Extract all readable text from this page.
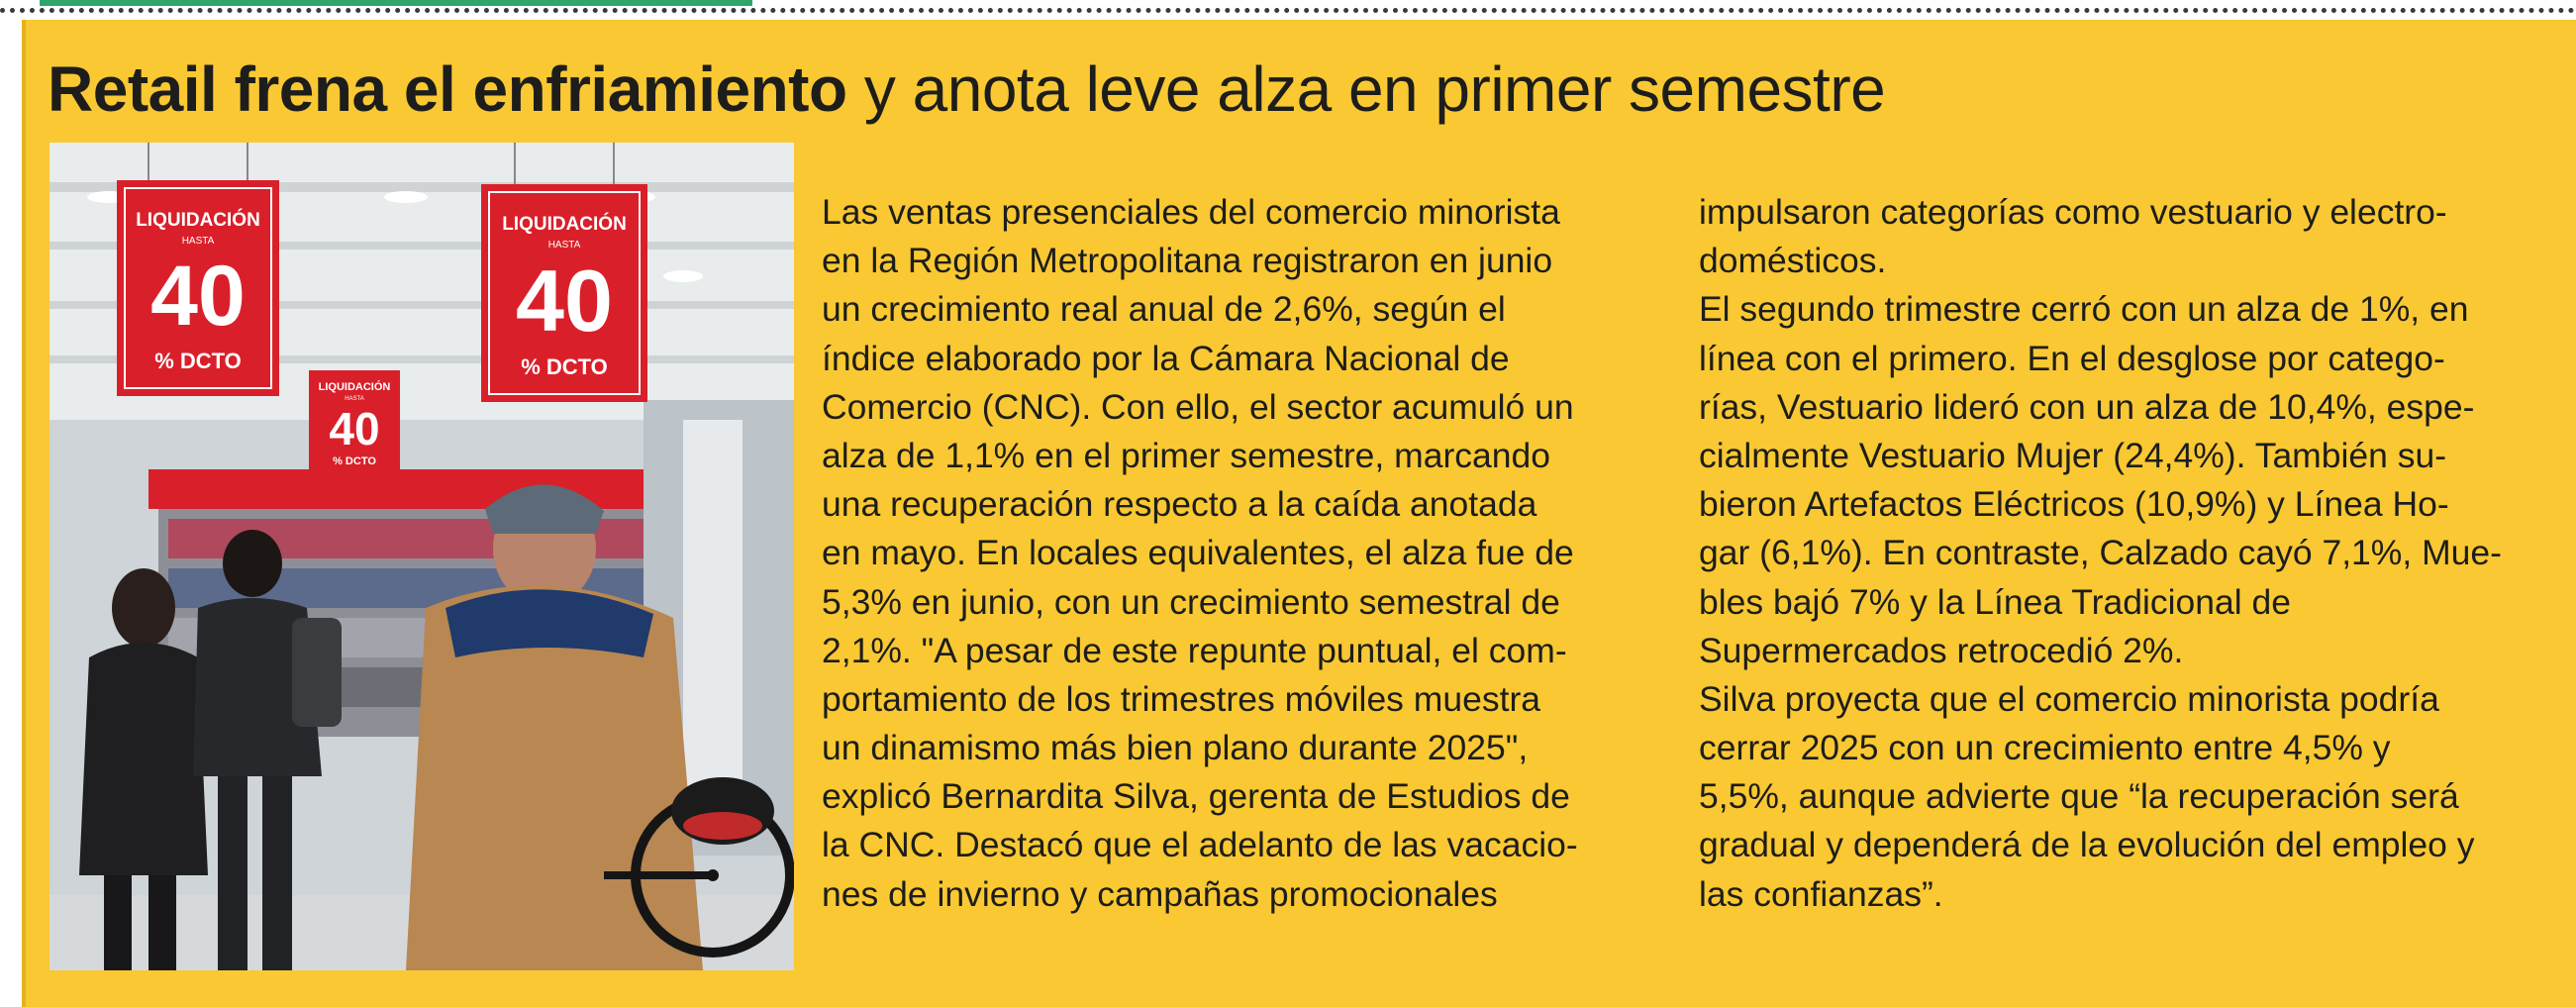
Retail frena el enfriamiento y anota leve alza en primer semestre
LIQUIDACIÓN
HASTA
40
% DCTO
LIQUIDACIÓN
HASTA
40
% DCTO
LIQUIDACIÓN
HASTA
40
% DCTO
Las ventas presenciales del comercio minorista
en la Región Metropolitana registraron en junio
un crecimiento real anual de 2,6%, según el
índice elaborado por la Cámara Nacional de
Comercio (CNC). Con ello, el sector acumuló un
alza de 1,1% en el primer semestre, marcando
una recuperación respecto a la caída anotada
en mayo. En locales equivalentes, el alza fue de
5,3% en junio, con un crecimiento semestral de
2,1%. "A pesar de este repunte puntual, el com-
portamiento de los trimestres móviles muestra
un dinamismo más bien plano durante 2025",
explicó Bernardita Silva, gerenta de Estudios de
la CNC. Destacó que el adelanto de las vacacio-
nes de invierno y campañas promocionales
impulsaron categorías como vestuario y electro-
domésticos.
El segundo trimestre cerró con un alza de 1%, en
línea con el primero. En el desglose por catego-
rías, Vestuario lideró con un alza de 10,4%, espe-
cialmente Vestuario Mujer (24,4%). También su-
bieron Artefactos Eléctricos (10,9%) y Línea Ho-
gar (6,1%). En contraste, Calzado cayó 7,1%, Mue-
bles bajó 7% y la Línea Tradicional de
Supermercados retrocedió 2%.
Silva proyecta que el comercio minorista podría
cerrar 2025 con un crecimiento entre 4,5% y
5,5%, aunque advierte que “la recuperación será
gradual y dependerá de la evolución del empleo y
las confianzas”.
